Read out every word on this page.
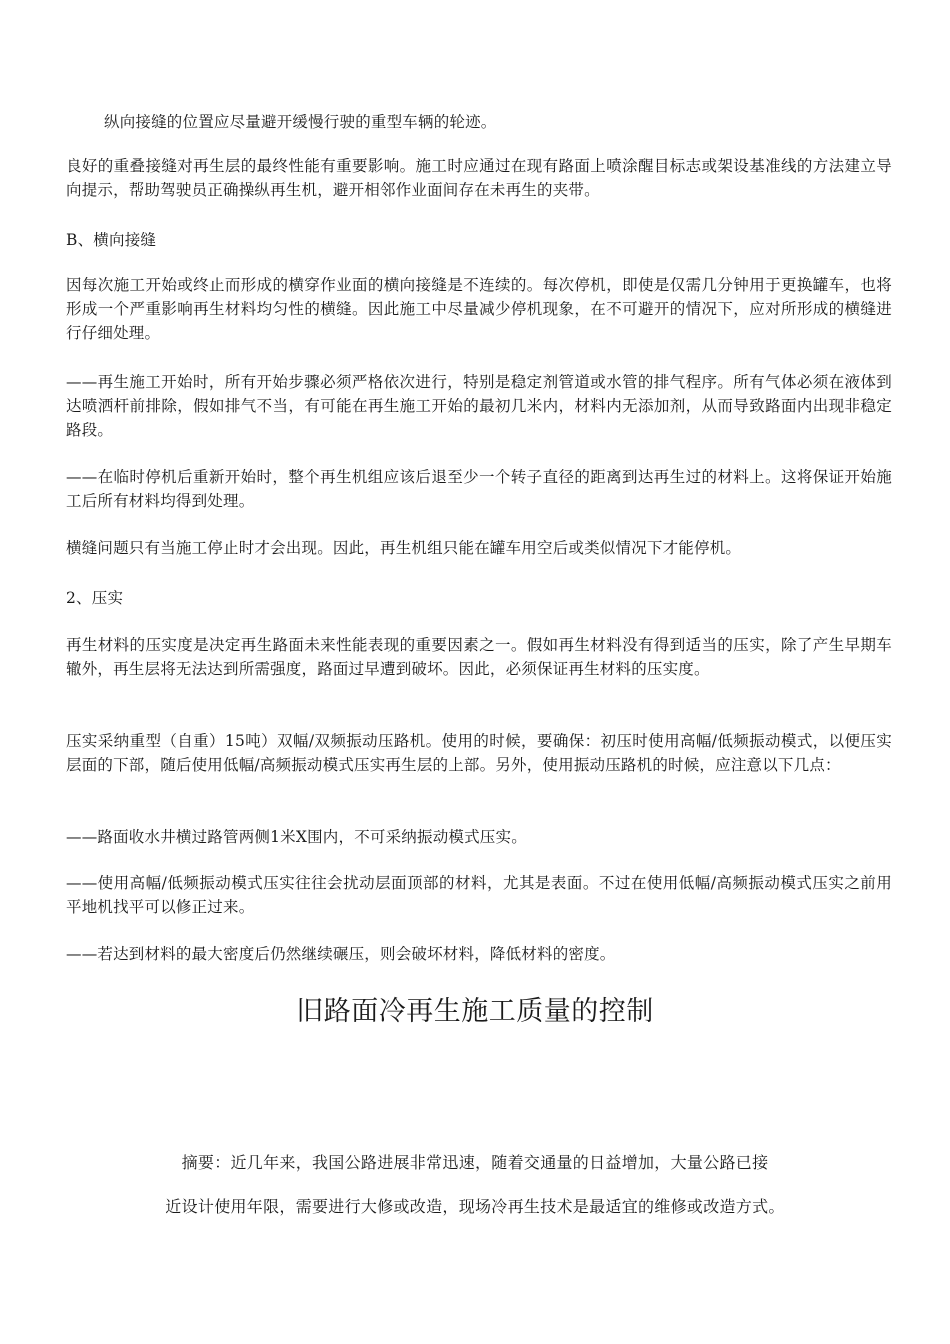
纵向接缝的位置应尽量避开缓慢行驶的重型车辆的轮迹。

良好的重叠接缝对再生层的最终性能有重要影响。施工时应通过在现有路面上喷涂醒目标志或架设基准线的方法建立导向提示，帮助驾驶员正确操纵再生机，避开相邻作业面间存在未再生的夹带。

B、横向接缝

因每次施工开始或终止而形成的横穿作业面的横向接缝是不连续的。每次停机，即使是仅需几分钟用于更换罐车，也将形成一个严重影响再生材料均匀性的横缝。因此施工中尽量减少停机现象，在不可避开的情况下，应对所形成的横缝进行仔细处理。

——再生施工开始时，所有开始步骤必须严格依次进行，特别是稳定剂管道或水管的排气程序。所有气体必须在液体到达喷洒杆前排除，假如排气不当，有可能在再生施工开始的最初几米内，材料内无添加剂，从而导致路面内出现非稳定路段。

——在临时停机后重新开始时，整个再生机组应该后退至少一个转子直径的距离到达再生过的材料上。这将保证开始施工后所有材料均得到处理。

横缝问题只有当施工停止时才会出现。因此，再生机组只能在罐车用空后或类似情况下才能停机。

2、压实

再生材料的压实度是决定再生路面未来性能表现的重要因素之一。假如再生材料没有得到适当的压实，除了产生早期车辙外，再生层将无法达到所需强度，路面过早遭到破坏。因此，必须保证再生材料的压实度。

压实采纳重型（自重）15吨）双幅/双频振动压路机。使用的时候，要确保：初压时使用高幅/低频振动模式，以便压实层面的下部，随后使用低幅/高频振动模式压实再生层的上部。另外，使用振动压路机的时候，应注意以下几点：

——路面收水井横过路管两侧1米X围内，不可采纳振动模式压实。

——使用高幅/低频振动模式压实往往会扰动层面顶部的材料，尤其是表面。不过在使用低幅/高频振动模式压实之前用平地机找平可以修正过来。

——若达到材料的最大密度后仍然继续碾压，则会破坏材料，降低材料的密度。

旧路面冷再生施工质量的控制

摘要：近几年来，我国公路进展非常迅速，随着交通量的日益增加，大量公路已接

近设计使用年限，需要进行大修或改造，现场冷再生技术是最适宜的维修或改造方式。
